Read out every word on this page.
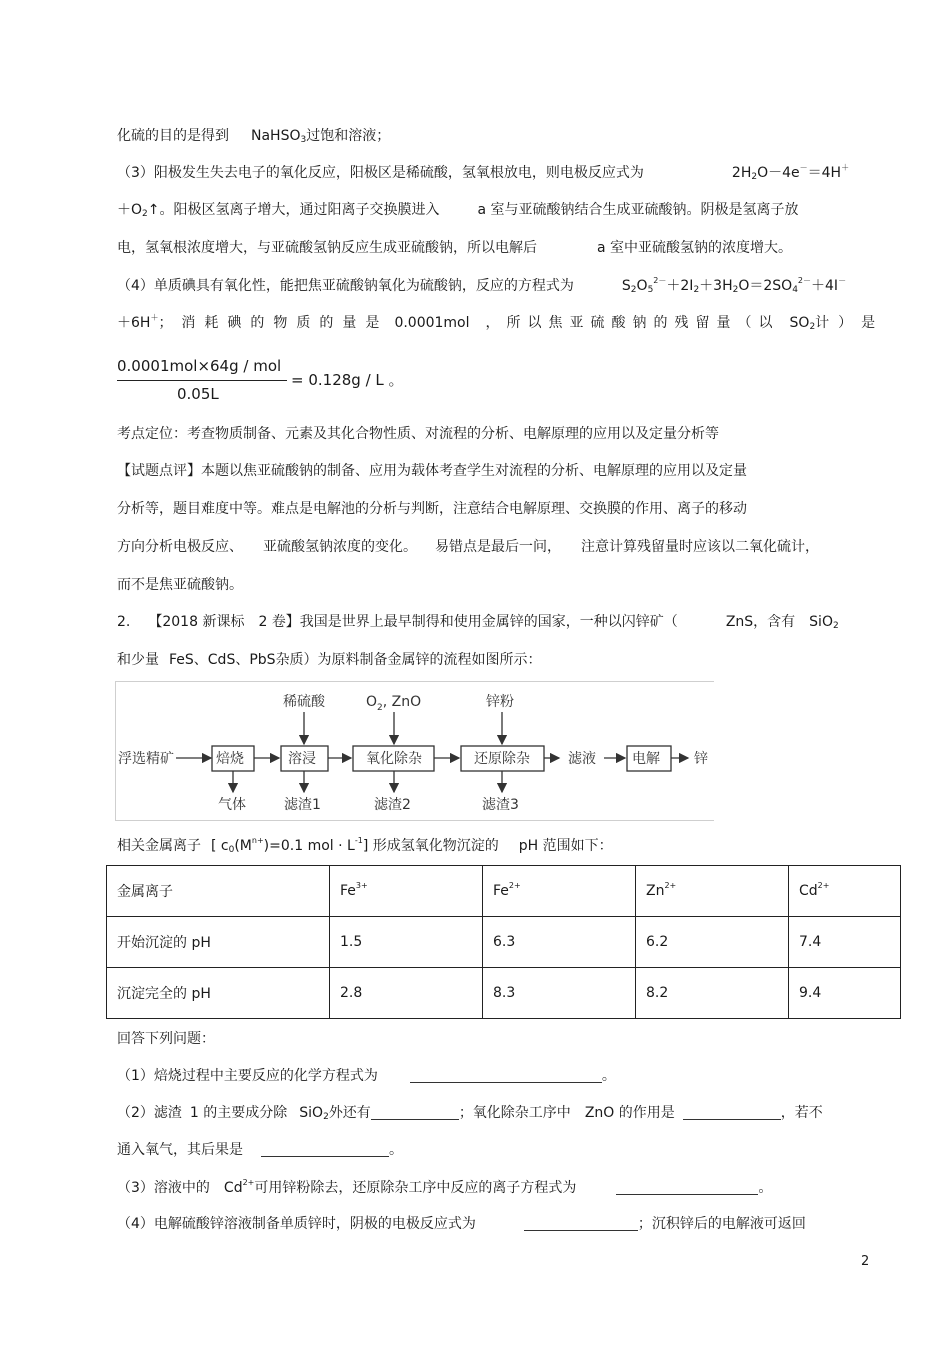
化硫的目的是得到 NaHSO$_3$过饱和溶液；
（3）阳极发生失去电子的氧化反应，阳极区是稀硫酸，氢氧根放电，则电极反应式为	$2H_2O-4e^-=4H^+$
$+O_2↑$。阳极区氢离子增大，通过阳离子交换膜进入	a 室与亚硫酸钠结合生成亚硫酸钠。阴极是氢离子放
电，氢氧根浓度增大，与亚硫酸氢钠反应生成亚硫酸钠，所以电解后	a 室中亚硫酸氢钠的浓度增大。
（4）单质碘具有氧化性，能把焦亚硫酸钠氧化为硫酸钠，反应的方程式为	$S_2O_5^{2-}+2I_2+3H_2O=2SO_4^{2-}+4I^-$
＋6H＋；消耗碘的物质的量是 0.0001mol ，所以焦亚硫酸钠的残留量（以 $SO_2$计）是
0.0001mol×64g / mol
0.05L
= 0.128g / L 。
考点定位：考查物质制备、元素及其化合物性质、对流程的分析、电解原理的应用以及定量分析等
【试题点评】本题以焦亚硫酸钠的制备、应用为载体考查学生对流程的分析、电解原理的应用以及定量
分析等，题目难度中等。难点是电解池的分析与判断，注意结合电解原理、交换膜的作用、离子的移动
方向分析电极反应、 亚硫酸氢钠浓度的变化。 易错点是最后一问， 注意计算残留量时应该以二氧化硫计，
而不是焦亚硫酸钠。
2. 【2018 新课标 2 卷】我国是世界上最早制得和使用金属锌的国家，一种以闪锌矿（	ZnS，含有 SiO$_2$
和少量 FeS、CdS、PbS杂质）为原料制备金属锌的流程如图所示：
浮选精矿	焙烧	溶浸	氧化除杂	还原除杂	滤液	电解 锌
稀硫酸	$O_2$, ZnO	锌粉
气体	滤渣1	滤渣2	滤渣3
相关金属离子 [ $c_0(M^{n+})=0.1$ mol · $L^{-1}$] 形成氢氧化物沉淀的 pH 范围如下：
金属离子	$Fe^{3+}$	$Fe^{2+}$	$Zn^{2+}$	$Cd^{2+}$
开始沉淀的 pH	1.5	6.3	6.2	7.4
沉淀完全的 pH	2.8	8.3	8.2	9.4
回答下列问题：
（1）焙烧过程中主要反应的化学方程式为	。
（2）滤渣 1 的主要成分除 SiO$_2$外还有	；氧化除杂工序中 ZnO 的作用是	，若不
通入氧气，其后果是	。
（3）溶液中的 $Cd^{2+}$可用锌粉除去，还原除杂工序中反应的离子方程式为	。
（4）电解硫酸锌溶液制备单质锌时，阴极的电极反应式为	；沉积锌后的电解液可返回
2
